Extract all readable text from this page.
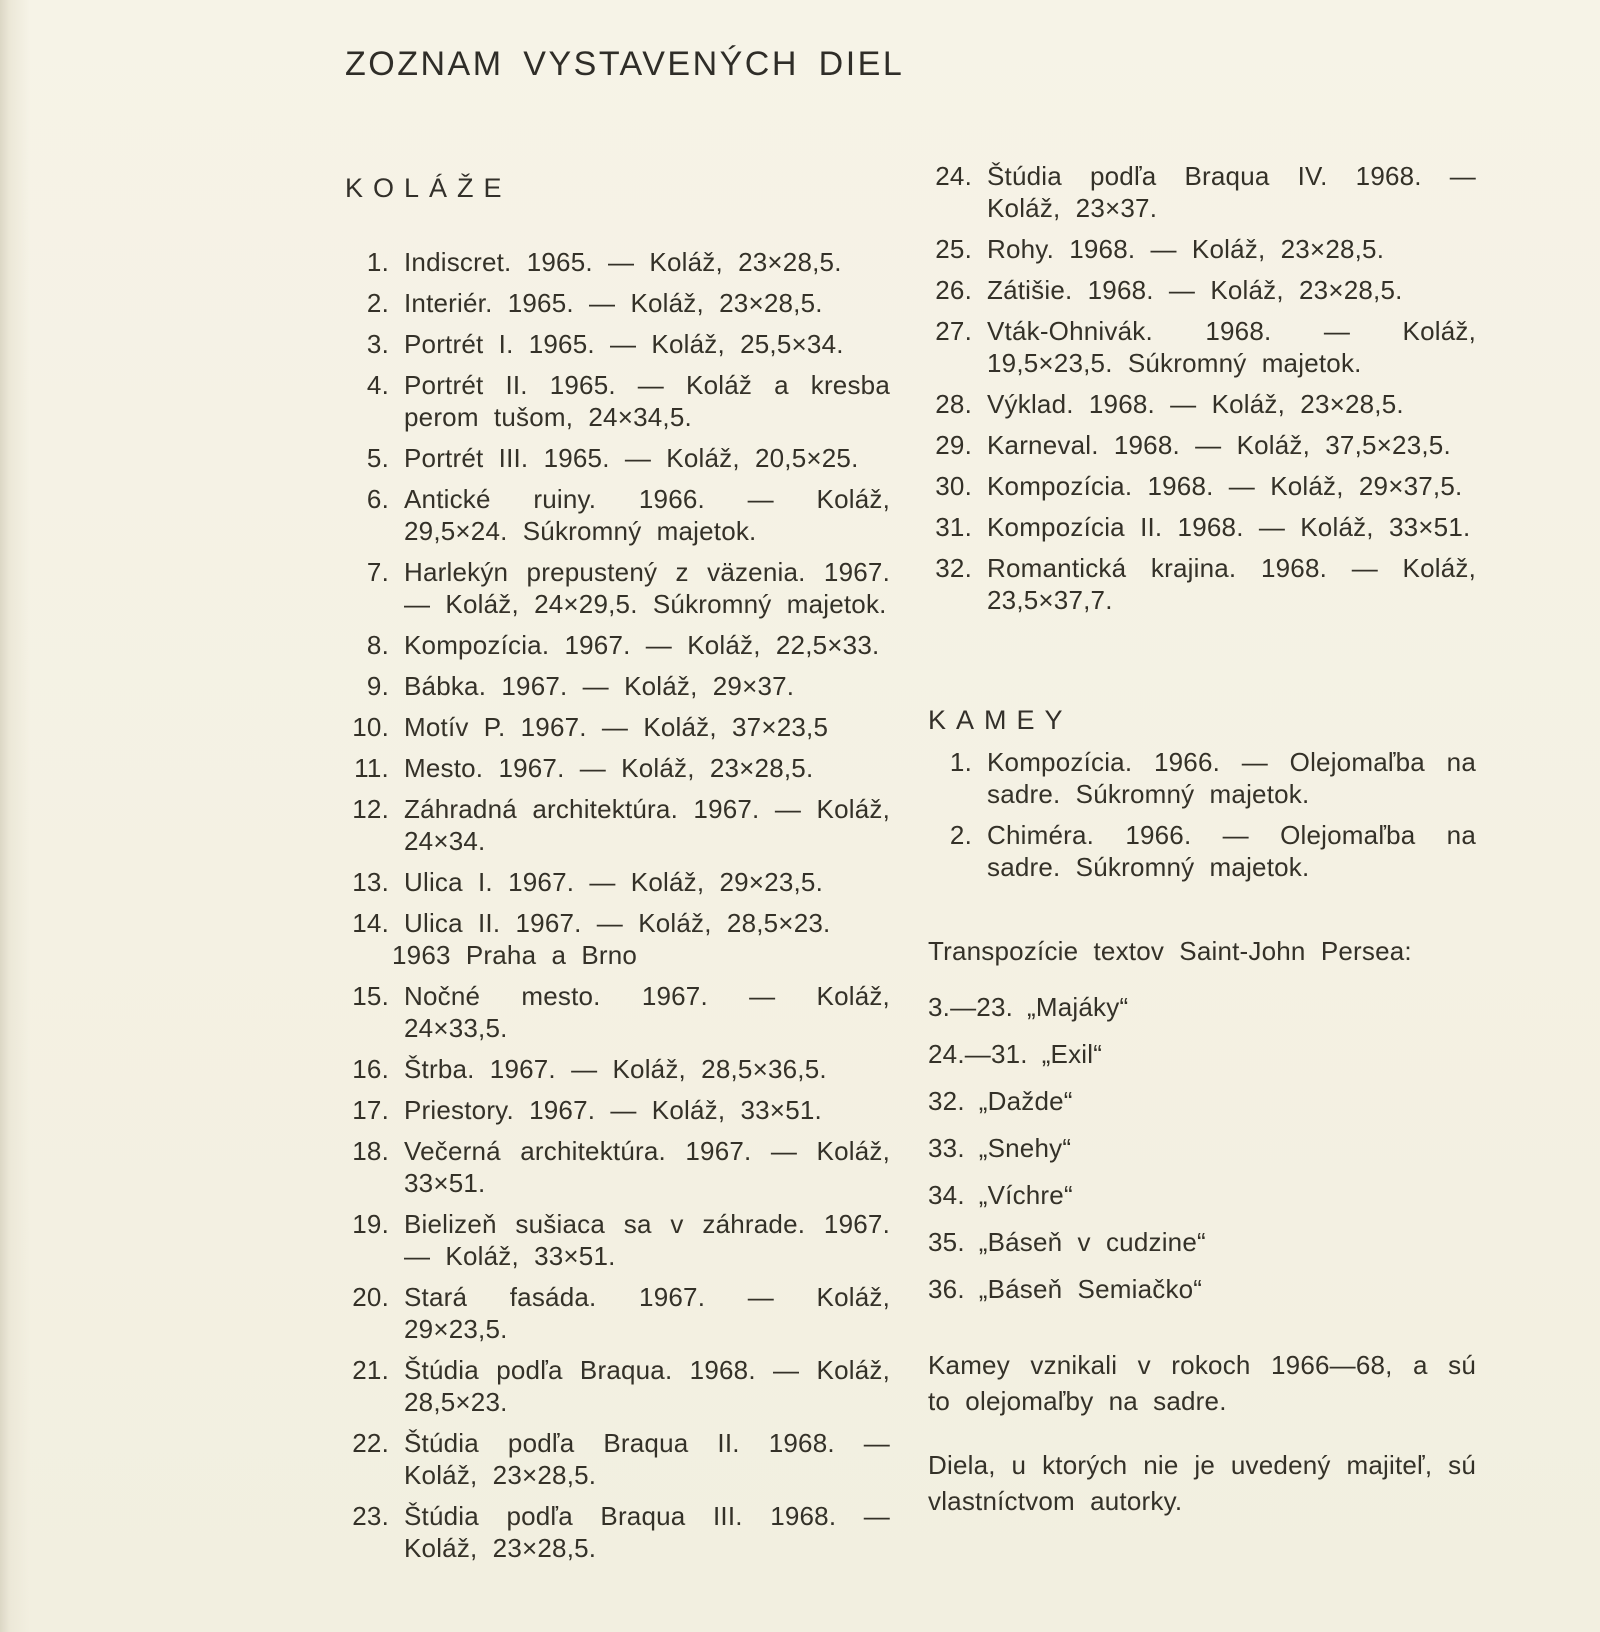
ZOZNAM VYSTAVENÝCH DIEL
KOLÁŽE
1. Indiscret. 1965. — Koláž, 23×28,5.
2. Interiér. 1965. — Koláž, 23×28,5.
3. Portrét I. 1965. — Koláž, 25,5×34.
4. Portrét II. 1965. — Koláž a kresba perom tušom, 24×34,5.
5. Portrét III. 1965. — Koláž, 20,5×25.
6. Antické ruiny. 1966. — Koláž, 29,5×24. Súkromný majetok.
7. Harlekýn prepustený z väzenia. 1967. — Koláž, 24×29,5. Súkromný majetok.
8. Kompozícia. 1967. — Koláž, 22,5×33.
9. Bábka. 1967. — Koláž, 29×37.
10. Motív P. 1967. — Koláž, 37×23,5
11. Mesto. 1967. — Koláž, 23×28,5.
12. Záhradná architektúra. 1967. — Koláž, 24×34.
13. Ulica I. 1967. — Koláž, 29×23,5.
14. Ulica II. 1967. — Koláž, 28,5×23.
1963 Praha a Brno
15. Nočné mesto. 1967. — Koláž, 24×33,5.
16. Štrba. 1967. — Koláž, 28,5×36,5.
17. Priestory. 1967. — Koláž, 33×51.
18. Večerná architektúra. 1967. — Koláž, 33×51.
19. Bielizeň sušiaca sa v záhrade. 1967. — Koláž, 33×51.
20. Stará fasáda. 1967. — Koláž, 29×23,5.
21. Štúdia podľa Braqua. 1968. — Koláž, 28,5×23.
22. Štúdia podľa Braqua II. 1968. — Koláž, 23×28,5.
23. Štúdia podľa Braqua III. 1968. — Koláž, 23×28,5.
24. Štúdia podľa Braqua IV. 1968. — Koláž, 23×37.
25. Rohy. 1968. — Koláž, 23×28,5.
26. Zátišie. 1968. — Koláž, 23×28,5.
27. Vták-Ohnivák. 1968. — Koláž, 19,5×23,5. Súkromný majetok.
28. Výklad. 1968. — Koláž, 23×28,5.
29. Karneval. 1968. — Koláž, 37,5×23,5.
30. Kompozícia. 1968. — Koláž, 29×37,5.
31. Kompozícia II. 1968. — Koláž, 33×51.
32. Romantická krajina. 1968. — Koláž, 23,5×37,7.
KAMEY
1. Kompozícia. 1966. — Olejomaľba na sadre. Súkromný majetok.
2. Chiméra. 1966. — Olejomaľba na sadre. Súkromný majetok.

Transpozície textov Saint-John Persea:

3.—23. „Majáky“
24.—31. „Exil“
32. „Dažde“
33. „Snehy“
34. „Víchre“
35. „Báseň v cudzine“
36. „Báseň Semiačko“

Kamey vznikali v rokoch 1966—68, a sú to olejomaľby na sadre.

Diela, u ktorých nie je uvedený majiteľ, sú vlastníctvom autorky.
